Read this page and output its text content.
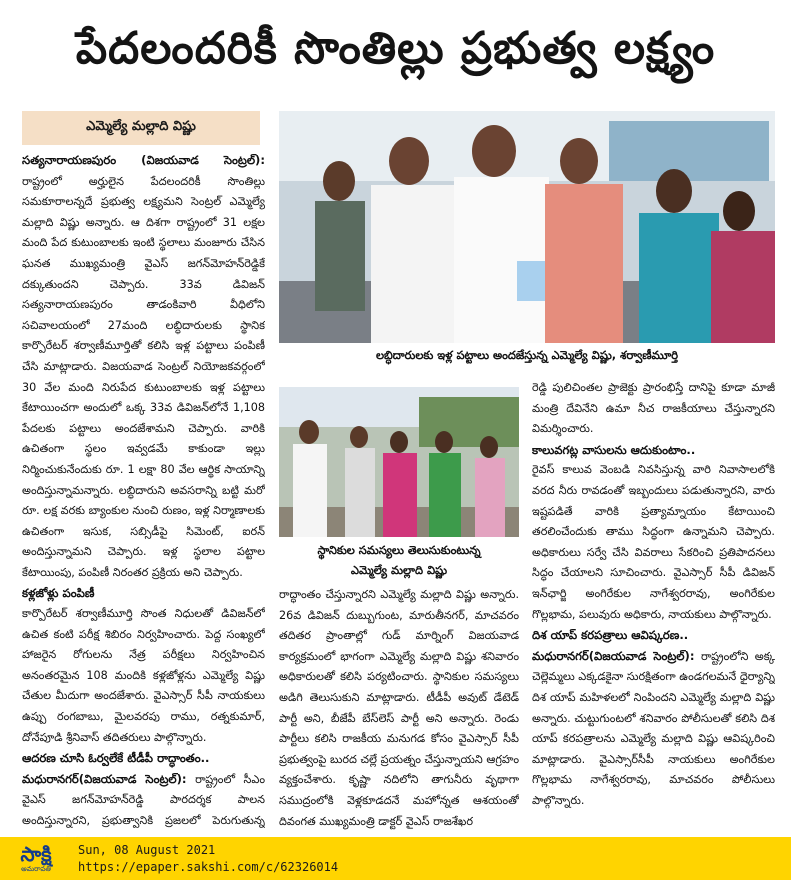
పేదలందరికీ సొంతిల్లు ప్రభుత్వ లక్ష్యం
ఎమ్మెల్యే మల్లాది విష్ణు

సత్యనారాయణపురం (విజయవాడ సెంట్రల్): రాష్ట్రంలో అర్హులైన పేదలందరికీ సొంతిల్లు సమకూరాలన్నదే ప్రభుత్వ లక్ష్యమని సెంట్రల్ ఎమ్మెల్యే మల్లాది విష్ణు అన్నారు. ఆ దిశగా రాష్ట్రంలో 31 లక్షల మంది పేద కుటుంబాలకు ఇంటి స్థలాలు మంజూరు చేసిన ఘనత ముఖ్యమంత్రి వైఎస్ జగన్‌మోహన్‌రెడ్డికే దక్కుతుందని చెప్పారు. 33వ డివిజన్ సత్యనారాయణపురం తాడంకివారి వీధిలోని సచివాలయంలో 27మంది లబ్ధిదారులకు స్థానిక కార్పొరేటర్ శర్వాణీమూర్తితో కలిసి ఇళ్ల పట్టాలు పంపిణీ చేసి మాట్లాడారు. విజయవాడ సెంట్రల్ నియోజకవర్గంలో 30 వేల మంది నిరుపేద కుటుంబాలకు ఇళ్ల పట్టాలు కేటాయించగా అందులో ఒక్క 33వ డివిజన్‌లోనే 1,108 పేదలకు పట్టాలు అందజేశామని చెప్పారు. వారికి ఉచితంగా స్థలం ఇవ్వడమే కాకుండా ఇల్లు నిర్మించుకునేందుకు రూ. 1 లక్షా 80 వేల ఆర్థిక సాయాన్ని అందిస్తున్నామన్నారు. లబ్ధిదారుని అవసరాన్ని బట్టి మరో రూ. లక్ష వరకు బ్యాంకుల నుంచి రుణం, ఇళ్ల నిర్మాణాలకు ఉచితంగా ఇసుక, సబ్సిడీపై సిమెంట్, ఐరన్ అందిస్తున్నామని చెప్పారు. ఇళ్ల స్థలాల పట్టాల కేటాయింపు, పంపిణీ నిరంతర ప్రక్రియ అని చెప్పారు.

కళ్లజోళ్లు పంపిణీ

కార్పొరేటర్ శర్వాణీమూర్తి సొంత నిధులతో డివిజన్‌లో ఉచిత కంటి పరీక్ష శిబిరం నిర్వహించారు. పెద్ద సంఖ్యలో హాజరైన రోగులను నేత్ర పరీక్షలు నిర్వహించిన అనంతరమైన 108 మందికి కళ్లజోళ్లను ఎమ్మెల్యే విష్ణు చేతుల మీదుగా అందజేశారు. వైఎస్సార్ సీపీ నాయకులు ఉప్పు రంగబాబు, మైలవరపు రాము, రత్నకుమార్, దోనేపూడి శ్రీనివాస్ తదితరులు పాల్గొన్నారు.

ఆదరణ చూసి ఓర్వలేకే టీడీపీ రాద్ధాంతం..

మధురానగర్(విజయవాడ సెంట్రల్): రాష్ట్రంలో సీఎం వైఎస్ జగన్‌మోహన్‌రెడ్డి పారదర్శక పాలన అందిస్తున్నారని, ప్రభుత్వానికి ప్రజలలో పెరుగుతున్న

లబ్ధిదారులకు ఇళ్ల పట్టాలు అందజేస్తున్న ఎమ్మెల్యే విష్ణు, శర్వాణీమూర్తి
స్థానికుల సమస్యలు తెలుసుకుంటున్న
ఎమ్మెల్యే మల్లాది విష్ణు

రాద్ధాంతం చేస్తున్నారని ఎమ్మెల్యే మల్లాది విష్ణు అన్నారు. 26వ డివిజన్ దుబ్బుగుంట, మారుతీనగర్, మాచవరం తదితర ప్రాంతాల్లో గుడ్ మార్నింగ్ విజయవాడ కార్యక్రమంలో భాగంగా ఎమ్మెల్యే మల్లాది విష్ణు శనివారం అధికారులతో కలిసి పర్యటించారు. స్థానికుల సమస్యలు అడిగి తెలుసుకుని మాట్లాడారు. టీడీపీ అవుట్ డేటెడ్ పార్టీ అని, బీజేపీ బేస్‌లెస్ పార్టీ అని అన్నారు. రెండు పార్టీలు కలిసి రాజకీయ మనుగడ కోసం వైఎస్సార్ సీపీ ప్రభుత్వంపై బురద చల్లే ప్రయత్నం చేస్తున్నాయని ఆగ్రహం వ్యక్తంచేశారు. కృష్ణా నదిలోని తాగునీరు వృథాగా సముద్రంలోకి వెళ్లకూడదనే మహోన్నత ఆశయంతో దివంగత ముఖ్యమంత్రి డాక్టర్ వైఎస్ రాజశేఖర

రెడ్డి పులిచింతల ప్రాజెక్టు ప్రారంభిస్తే దానిపై కూడా మాజీ మంత్రి దేవినేని ఉమా నీచ రాజకీయాలు చేస్తున్నారని విమర్శించారు.

కాలువగట్ల వాసులను ఆదుకుంటాం..

రైవస్ కాలువ వెంబడి నివసిస్తున్న వారి నివాసాలలోకి వరద నీరు రావడంతో ఇబ్బందులు పడుతున్నారని, వారు ఇష్టపడితే వారికి ప్రత్యామ్నాయం కేటాయించి తరలించేందుకు తాము సిద్ధంగా ఉన్నామని చెప్పారు. అధికారులు సర్వే చేసి వివరాలు సేకరించి ప్రతిపాదనలు సిద్ధం చేయాలని సూచించారు. వైఎస్సార్ సీపీ డివిజన్ ఇన్‌ఛార్జి అంగిరేకుల నాగేశ్వరరావు, అంగిరేకుల గొల్లభామ, పలువురు అధికారు, నాయకులు పాల్గొన్నారు.

దిశ యాప్ కరపత్రాలు ఆవిష్కరణ..

మధురానగర్(విజయవాడ సెంట్రల్): రాష్ట్రంలోని అక్క చెల్లెమ్మలు ఎక్కడకైనా సురక్షితంగా ఉండగలమనే ధైర్యాన్ని దిశ యాప్ మహిళలలో నింపిందని ఎమ్మెల్యే మల్లాది విష్ణు అన్నారు. చుట్టుగుంటలో శనివారం పోలీసులతో కలిసి దిశ యాప్ కరపత్రాలను ఎమ్మెల్యే మల్లాది విష్ణు ఆవిష్కరించి మాట్లాడారు. వైఎస్సార్‌సీపీ నాయకులు అంగిరేకుల గొల్లభామ నాగేశ్వరరావు, మాచవరం పోలీసులు పాల్గొన్నారు.

సాక్షి
అమరావతి
Sun, 08 August 2021
https://epaper.sakshi.com/c/62326014
